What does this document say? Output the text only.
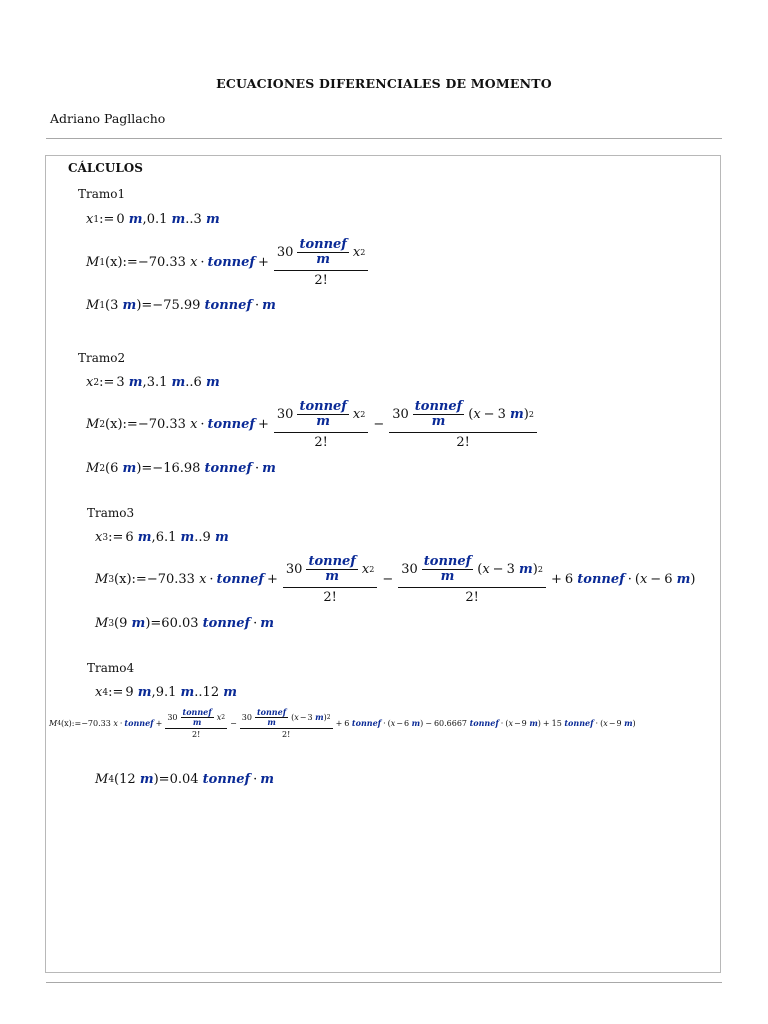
ECUACIONES DIFERENCIALES DE MOMENTO
Adriano Pagllacho
CÁLCULOS
Tramo1
x 1 := 0
m , 0.1
m .. 3
m
M 1 (x) := −70.33
x · tonnef + 30
tonnef
m	x 2
2!
M 1 ( 3
m ) = −75.99
tonnef · m
Tramo2
x 2 := 3
m , 3.1
m .. 6
m
M 2 (x) := −70.33
x · tonnef + 30
tonnef
m	x 2
2! − 30
tonnef
m	( x − 3
m ) 2
2!
M 2 ( 6
m ) = −16.98
tonnef · m
Tramo3
x 3 := 6
m , 6.1
m .. 9
m
M 3 (x) := −70.33
x · tonnef + 30
tonnef
m	x 2
2! − 30
tonnef
m	( x − 3
m ) 2
2! + 6
tonnef · ( x − 6
m )
M 3 ( 9
m ) = 60.03
tonnef · m
Tramo4
x 4 := 9
m , 9.1
m .. 12
m
M 4 (x) := −70.33
x · tonnef + 30
tonnef
m	x 2
2! − 30
tonnef
m	( x − 3
m ) 2
2! + 6
tonnef · ( x − 6
m ) − 60.6667
tonnef · ( x − 9
m ) + 15
tonnef · ( x − 9
m )
M 4 ( 12
m ) = 0.04
tonnef · m
